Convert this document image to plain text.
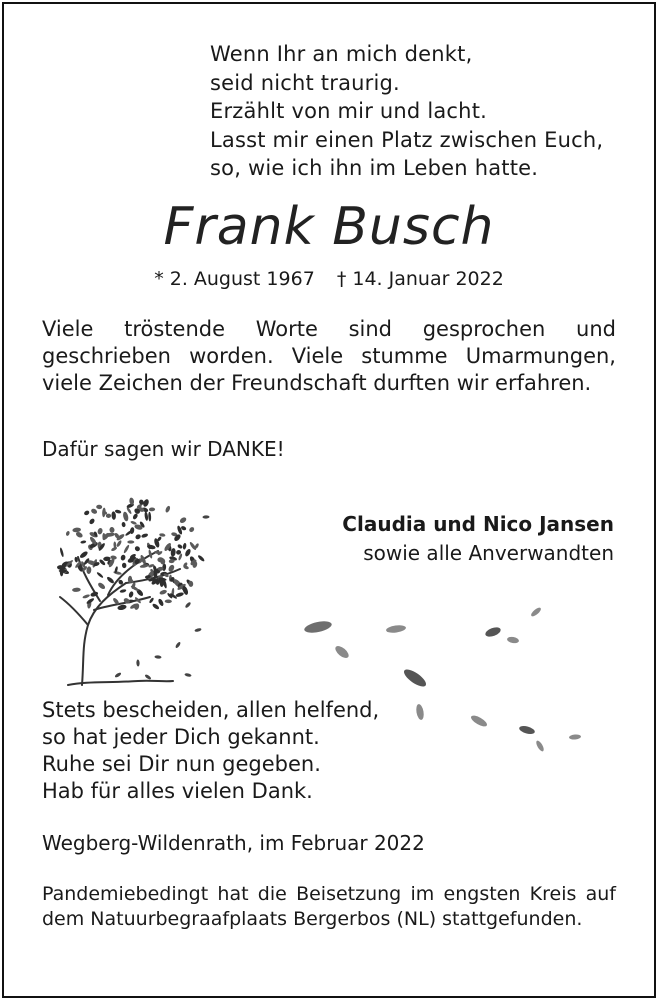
Wenn Ihr an mich denkt,
seid nicht traurig.
Erzählt von mir und lacht.
Lasst mir einen Platz zwischen Euch,
so, wie ich ihn im Leben hatte.
Frank Busch
* 2. August 1967 † 14. Januar 2022
Viele tröstende Worte sind gesprochen und geschrieben worden. Viele stumme Umarmungen, viele Zeichen der Freundschaft durften wir erfahren.
Dafür sagen wir DANKE!
Claudia und Nico Jansen
sowie alle Anverwandten
Stets bescheiden, allen helfend,
so hat jeder Dich gekannt.
Ruhe sei Dir nun gegeben.
Hab für alles vielen Dank.
Wegberg-Wildenrath, im Februar 2022
Pandemiebedingt hat die Beisetzung im engsten Kreis auf dem Natuurbegraafplaats Bergerbos (NL) stattgefunden.
